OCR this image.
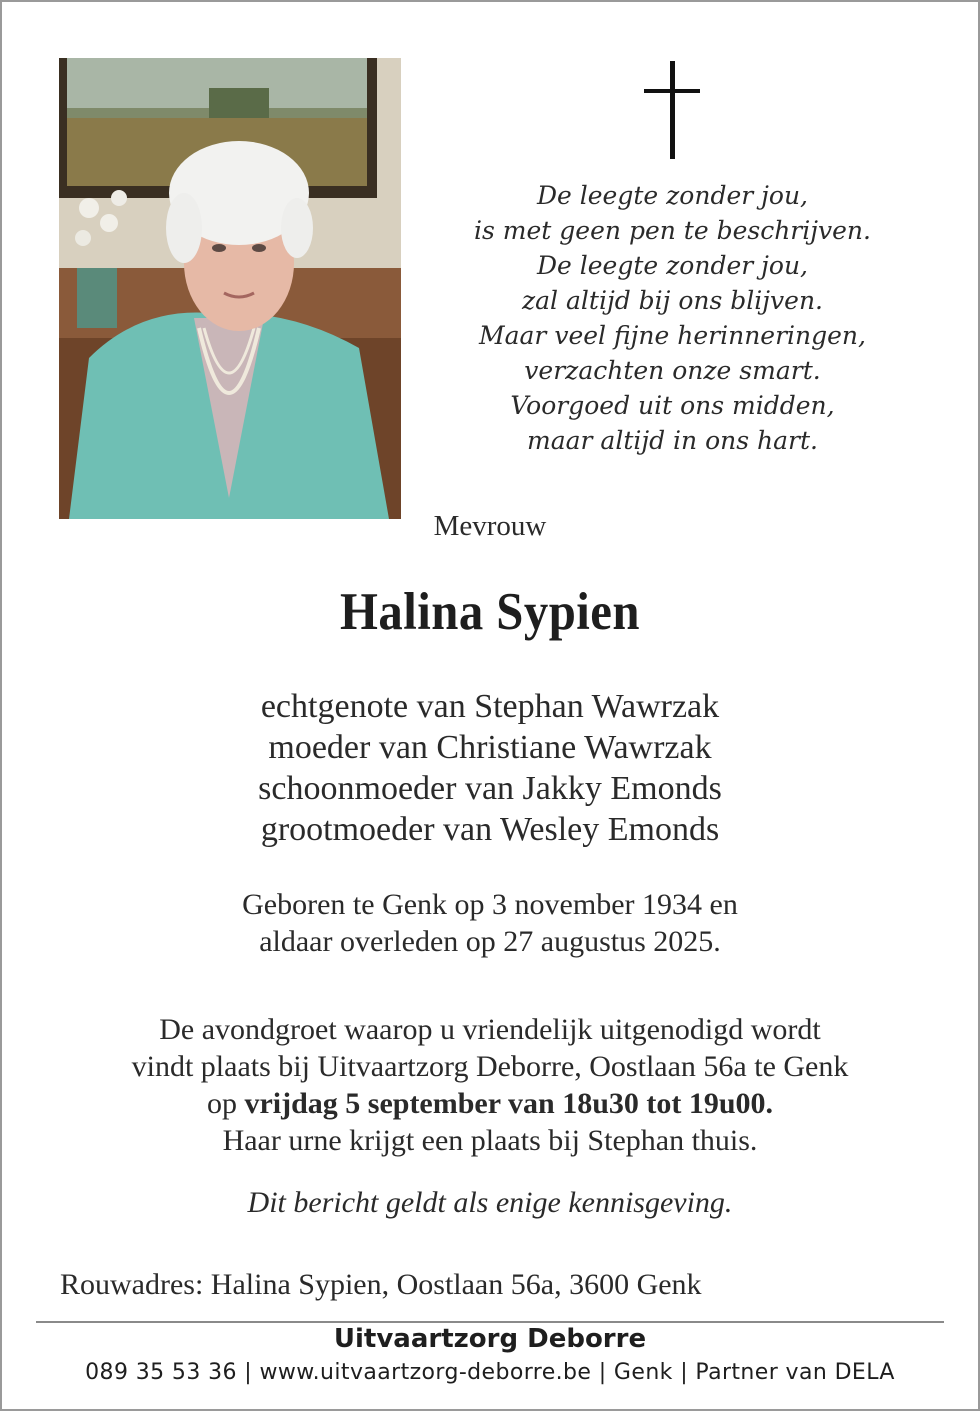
De leegte zonder jou,
is met geen pen te beschrijven.
De leegte zonder jou,
zal altijd bij ons blijven.
Maar veel fijne herinneringen,
verzachten onze smart.
Voorgoed uit ons midden,
maar altijd in ons hart.
Mevrouw
Halina Sypien
echtgenote van Stephan Wawrzak
moeder van Christiane Wawrzak
schoonmoeder van Jakky Emonds
grootmoeder van Wesley Emonds
Geboren te Genk op 3 november 1934 en
aldaar overleden op 27 augustus 2025.
De avondgroet waarop u vriendelijk uitgenodigd wordt
vindt plaats bij Uitvaartzorg Deborre, Oostlaan 56a te Genk
op vrijdag 5 september van 18u30 tot 19u00.
Haar urne krijgt een plaats bij Stephan thuis.
Dit bericht geldt als enige kennisgeving.
Rouwadres: Halina Sypien, Oostlaan 56a, 3600 Genk
Uitvaartzorg Deborre
089 35 53 36 | www.uitvaartzorg-deborre.be | Genk | Partner van DELA
